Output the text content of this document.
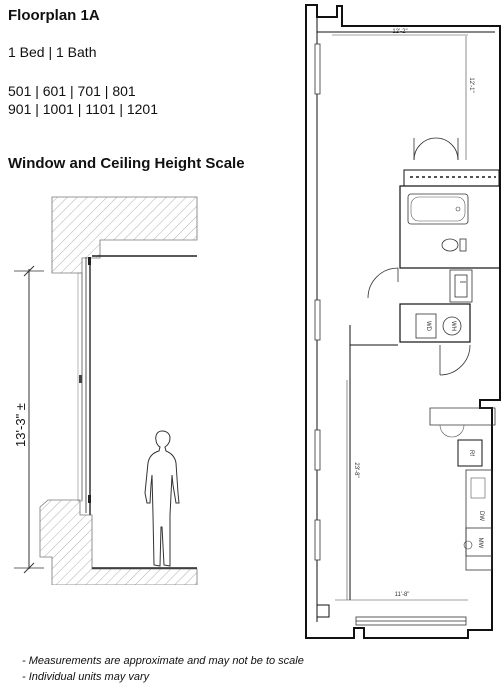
Floorplan 1A

1 Bed | 1 Bath

501 | 601 | 701 | 801

901 | 1001 | 1101 | 1201

Window and Ceiling Height Scale

13'-3" ±
12'-2"
12'-1"
WD	WH
23'-8"
11'-8"
Rf
DW
MW

- Measurements are approximate and may not be to scale

- Individual units may vary
